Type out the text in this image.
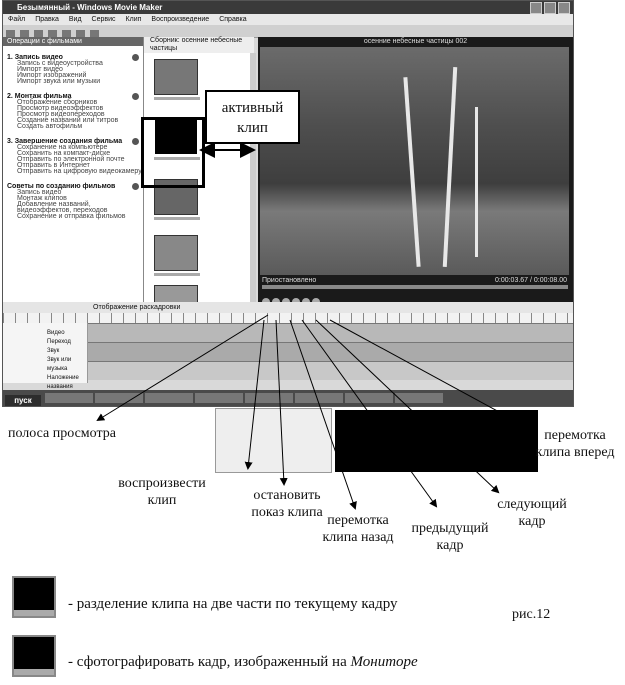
Безымянный - Windows Movie Maker
Файл Правка Вид Сервис Клип Воспроизведение Справка
Операции с фильмами
1. Запись видео
Запись с видеоустройства
Импорт видео
Импорт изображений
Импорт звука или музыки
2. Монтаж фильма
Отображение сборников
Просмотр видеоэффектов
Просмотр видеопереходов
Создание названий или титров
Создать автофильм
3. Завершение создания фильма
Сохранение на компьютере
Сохранить на компакт-диске
Отправить по электронной почте
Отправить в Интернет
Отправить на цифровую видеокамеру
Советы по созданию фильмов
Запись видео
Монтаж клипов
Добавление названий, видеоэффектов, переходов
Сохранение и отправка фильмов
Сборник: осенние небесные частицы
осенние небесные частицы 002
Приостановлено	0:00:03.67 / 0:00:08.00
Отображение раскадровки
Видео
Переход
Звук
Звук или музыка
Наложение названия
пуск
активный клип
полоса просмотра
воспроизвести клип	остановить показ клипа
перемотка клипа назад
предыдущий кадр
следующий кадр
перемотка клипа вперед
- разделение клипа на две части по текущему кадру
- сфотографировать кадр, изображенный на Мониторе
рис.12
